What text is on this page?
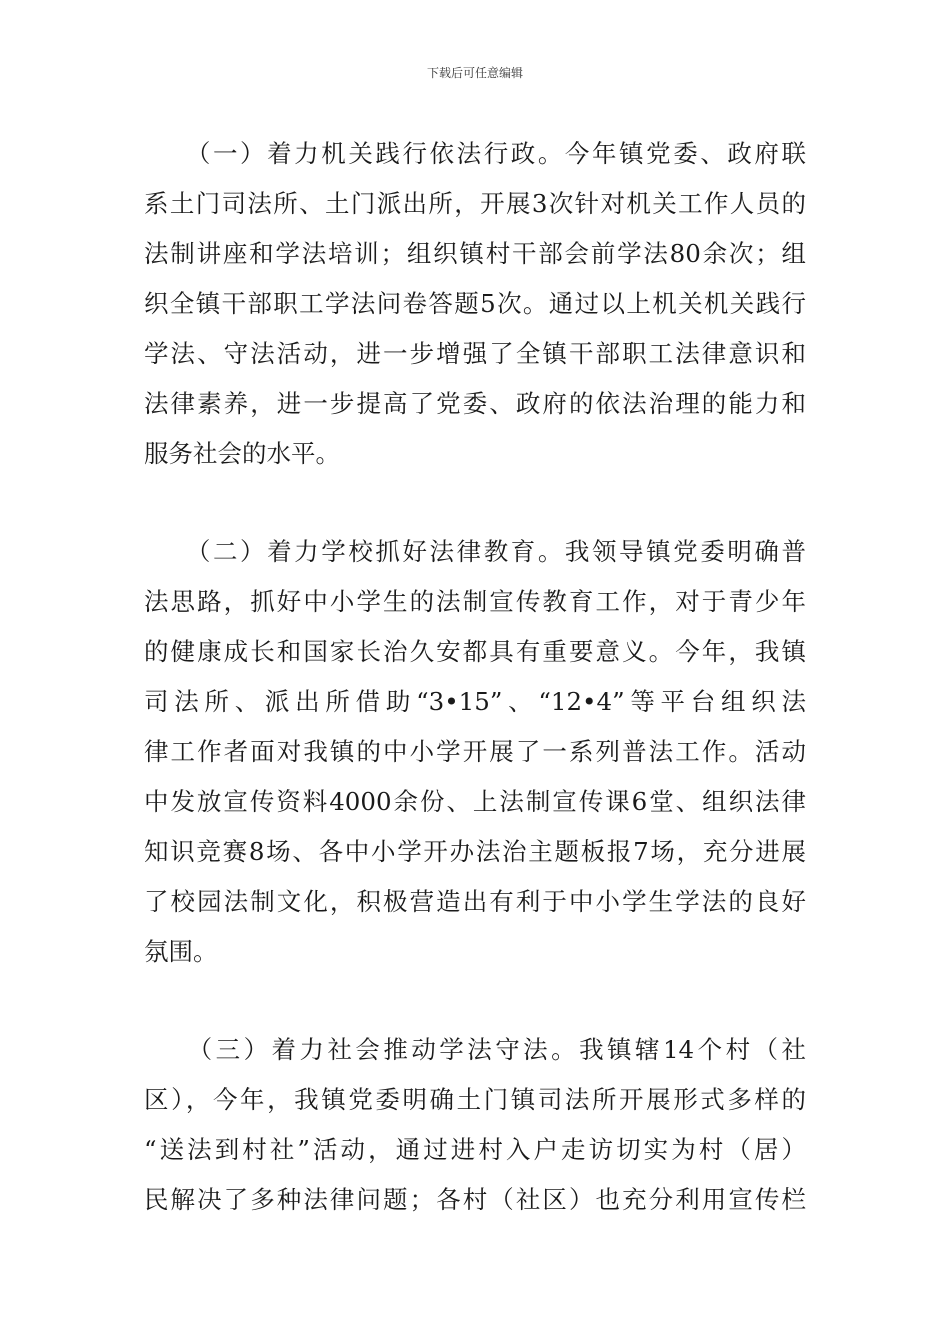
下载后可任意编辑
　　（一）着力机关践行依法行政。今年镇党委、政府联
系土门司法所、土门派出所，开展3次针对机关工作人员的
法制讲座和学法培训；组织镇村干部会前学法80余次；组
织全镇干部职工学法问卷答题5次。通过以上机关机关践行
学法、守法活动，进一步增强了全镇干部职工法律意识和
法律素养，进一步提高了党委、政府的依法治理的能力和
服务社会的水平。
　　（二）着力学校抓好法律教育。我领导镇党委明确普
法思路，抓好中小学生的法制宣传教育工作，对于青少年
的健康成长和国家长治久安都具有重要意义。今年，我镇
司法所、派出所借助“3•15”、“12•4”等平台组织法
律工作者面对我镇的中小学开展了一系列普法工作。活动
中发放宣传资料4000余份、上法制宣传课6堂、组织法律
知识竞赛8场、各中小学开办法治主题板报7场，充分进展
了校园法制文化，积极营造出有利于中小学生学法的良好
氛围。
　　（三）着力社会推动学法守法。我镇辖14个村（社
区），今年，我镇党委明确土门镇司法所开展形式多样的
“送法到村社”活动，通过进村入户走访切实为村（居）
民解决了多种法律问题；各村（社区）也充分利用宣传栏
